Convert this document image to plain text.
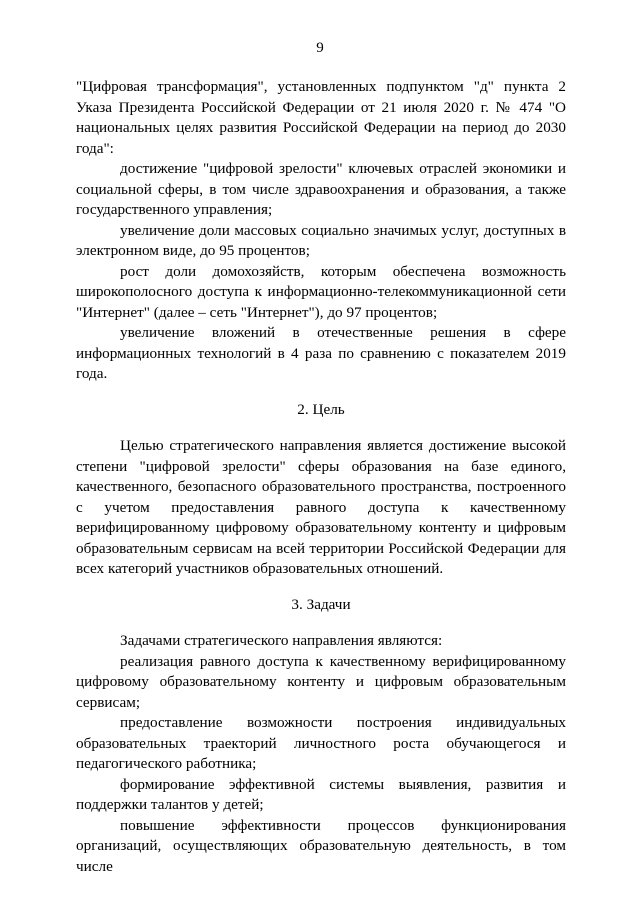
9

"Цифровая трансформация", установленных подпунктом "д" пункта 2 Указа Президента Российской Федерации от 21 июля 2020 г. № 474 "О национальных целях развития Российской Федерации на период до 2030 года":

достижение "цифровой зрелости" ключевых отраслей экономики и социальной сферы, в том числе здравоохранения и образования, а также государственного управления;

увеличение доли массовых социально значимых услуг, доступных в электронном виде, до 95 процентов;

рост доли домохозяйств, которым обеспечена возможность широкополосного доступа к информационно-телекоммуникационной сети "Интернет" (далее – сеть "Интернет"), до 97 процентов;

увеличение вложений в отечественные решения в сфере информационных технологий в 4 раза по сравнению с показателем 2019 года.

2. Цель

Целью стратегического направления является достижение высокой степени "цифровой зрелости" сферы образования на базе единого, качественного, безопасного образовательного пространства, построенного с учетом предоставления равного доступа к качественному верифицированному цифровому образовательному контенту и цифровым образовательным сервисам на всей территории Российской Федерации для всех категорий участников образовательных отношений.

3. Задачи

Задачами стратегического направления являются:

реализация равного доступа к качественному верифицированному цифровому образовательному контенту и цифровым образовательным сервисам;

предоставление возможности построения индивидуальных образовательных траекторий личностного роста обучающегося и педагогического работника;

формирование эффективной системы выявления, развития и поддержки талантов у детей;

повышение эффективности процессов функционирования организаций, осуществляющих образовательную деятельность, в том числе
